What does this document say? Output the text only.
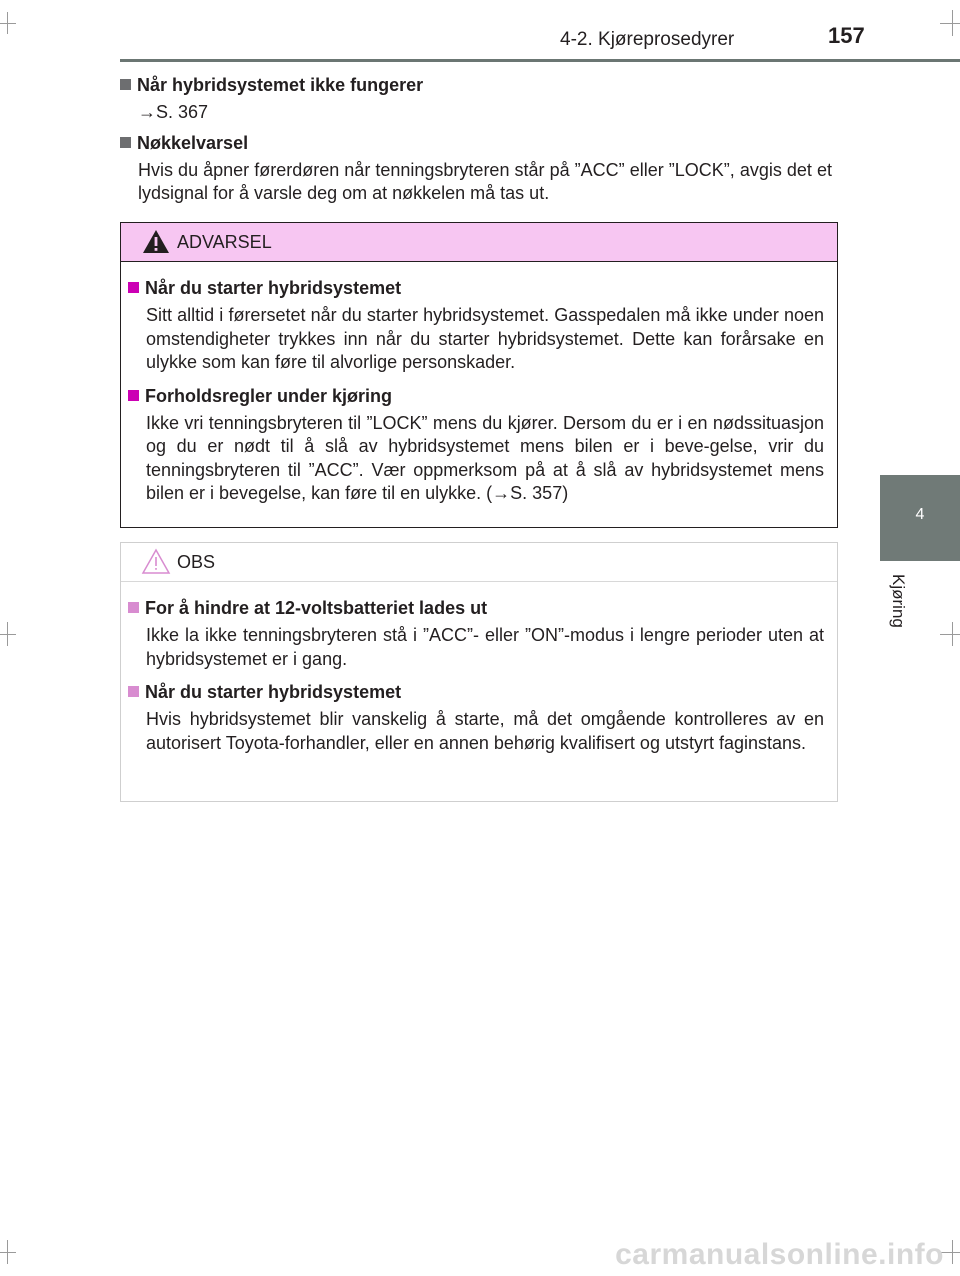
4-2. Kjøreprosedyrer	157
4
Kjøring
Når hybridsystemet ikke fungerer
→S. 367
Nøkkelvarsel
Hvis du åpner førerdøren når tenningsbryteren står på ”ACC” eller ”LOCK”, avgis det et lydsignal for å varsle deg om at nøkkelen må tas ut.
ADVARSEL
Når du starter hybridsystemet

Sitt alltid i førersetet når du starter hybridsystemet. Gasspedalen må ikke under noen omstendigheter trykkes inn når du starter hybridsystemet. Dette kan forårsake en ulykke som kan føre til alvorlige personskader.

Forholdsregler under kjøring

Ikke vri tenningsbryteren til ”LOCK” mens du kjører. Dersom du er i en nødssituasjon og du er nødt til å slå av hybridsystemet mens bilen er i beve-gelse, vrir du tenningsbryteren til ”ACC”. Vær oppmerksom på at å slå av hybridsystemet mens bilen er i bevegelse, kan føre til en ulykke. (→S. 357)

OBS
For å hindre at 12-voltsbatteriet lades ut

Ikke la ikke tenningsbryteren stå i ”ACC”- eller ”ON”-modus i lengre perioder uten at hybridsystemet er i gang.

Når du starter hybridsystemet

Hvis hybridsystemet blir vanskelig å starte, må det omgående kontrolleres av en autorisert Toyota-forhandler, eller en annen behørig kvalifisert og utstyrt faginstans.

carmanualsonline.info
